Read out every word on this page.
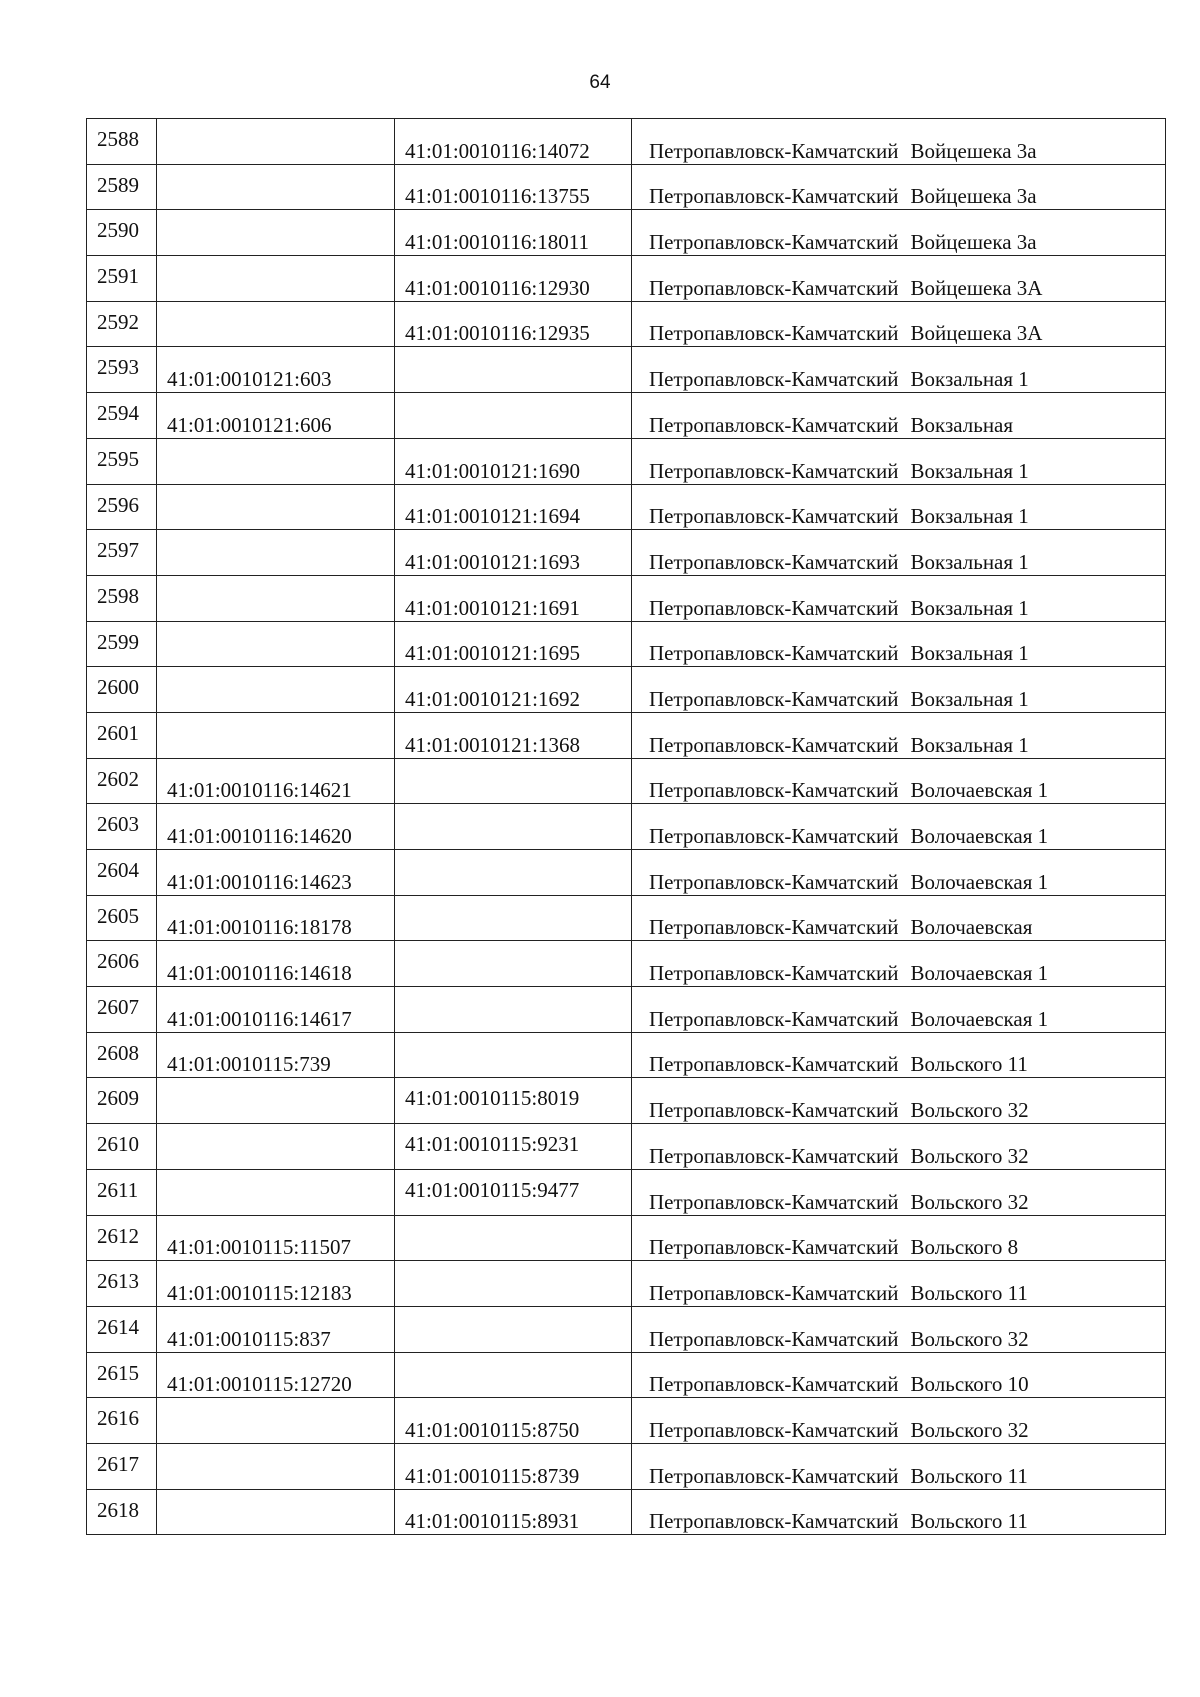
64
2588		41:01:0010116:14072	Петропавловск-Камчатский Войцешека 3а
2589		41:01:0010116:13755	Петропавловск-Камчатский Войцешека 3а
2590		41:01:0010116:18011	Петропавловск-Камчатский Войцешека 3а
2591		41:01:0010116:12930	Петропавловск-Камчатский Войцешека 3А
2592		41:01:0010116:12935	Петропавловск-Камчатский Войцешека 3А
2593	41:01:0010121:603		Петропавловск-Камчатский Вокзальная 1
2594	41:01:0010121:606		Петропавловск-Камчатский Вокзальная
2595		41:01:0010121:1690	Петропавловск-Камчатский Вокзальная 1
2596		41:01:0010121:1694	Петропавловск-Камчатский Вокзальная 1
2597		41:01:0010121:1693	Петропавловск-Камчатский Вокзальная 1
2598		41:01:0010121:1691	Петропавловск-Камчатский Вокзальная 1
2599		41:01:0010121:1695	Петропавловск-Камчатский Вокзальная 1
2600		41:01:0010121:1692	Петропавловск-Камчатский Вокзальная 1
2601		41:01:0010121:1368	Петропавловск-Камчатский Вокзальная 1
2602	41:01:0010116:14621		Петропавловск-Камчатский Волочаевская 1
2603	41:01:0010116:14620		Петропавловск-Камчатский Волочаевская 1
2604	41:01:0010116:14623		Петропавловск-Камчатский Волочаевская 1
2605	41:01:0010116:18178		Петропавловск-Камчатский Волочаевская
2606	41:01:0010116:14618		Петропавловск-Камчатский Волочаевская 1
2607	41:01:0010116:14617		Петропавловск-Камчатский Волочаевская 1
2608	41:01:0010115:739		Петропавловск-Камчатский Вольского 11
2609		41:01:0010115:8019	Петропавловск-Камчатский Вольского 32
2610		41:01:0010115:9231	Петропавловск-Камчатский Вольского 32
2611		41:01:0010115:9477	Петропавловск-Камчатский Вольского 32
2612	41:01:0010115:11507		Петропавловск-Камчатский Вольского 8
2613	41:01:0010115:12183		Петропавловск-Камчатский Вольского 11
2614	41:01:0010115:837		Петропавловск-Камчатский Вольского 32
2615	41:01:0010115:12720		Петропавловск-Камчатский Вольского 10
2616		41:01:0010115:8750	Петропавловск-Камчатский Вольского 32
2617		41:01:0010115:8739	Петропавловск-Камчатский Вольского 11
2618		41:01:0010115:8931	Петропавловск-Камчатский Вольского 11
